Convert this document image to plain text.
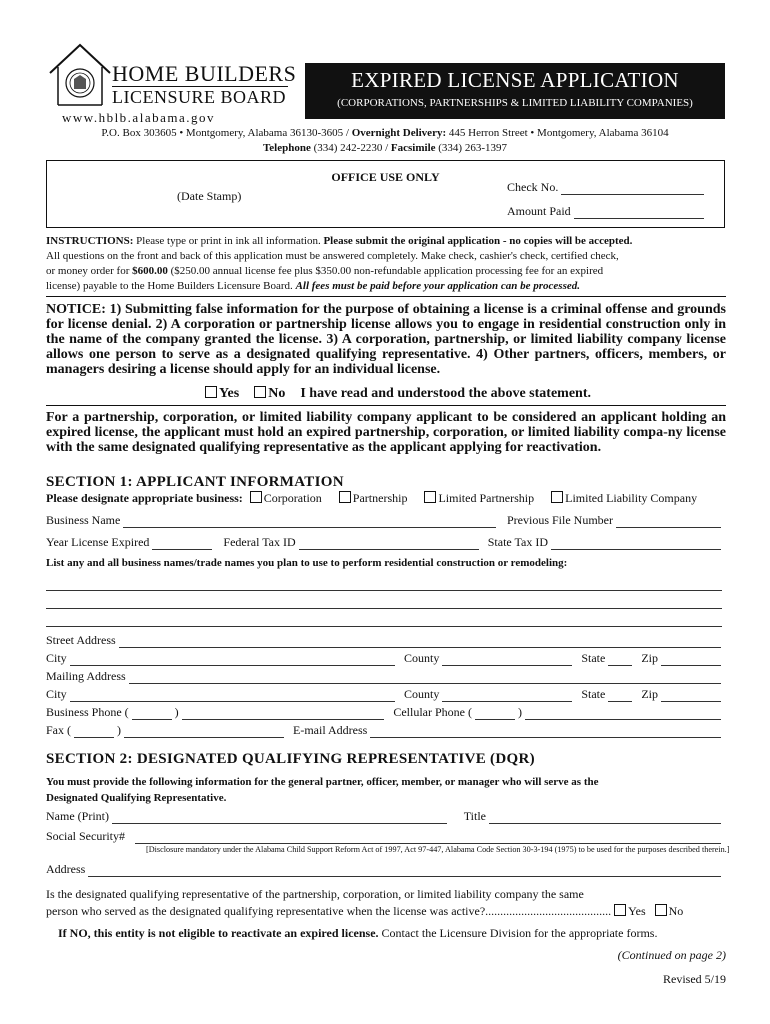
HOME BUILDERS
LICENSURE BOARD
www.hblb.alabama.gov
EXPIRED LICENSE APPLICATION
(CORPORATIONS, PARTNERSHIPS & LIMITED LIABILITY COMPANIES)
P.O. Box 303605 • Montgomery, Alabama 36130-3605 / Overnight Delivery: 445 Herron Street • Montgomery, Alabama 36104
Telephone (334) 242-2230 / Facsimile (334) 263-1397
OFFICE USE ONLY
(Date Stamp)
Check No.
Amount Paid
INSTRUCTIONS: Please type or print in ink all information. Please submit the original application - no copies will be accepted.
All questions on the front and back of this application must be answered completely. Make check, cashier's check, certified check,
or money order for $600.00 ($250.00 annual license fee plus $350.00 non-refundable application processing fee for an expired
license) payable to the Home Builders Licensure Board. All fees must be paid before your application can be processed.
NOTICE: 1) Submitting false information for the purpose of obtaining a license is a criminal offense and grounds for license denial. 2) A corporation or partnership license allows you to engage in residential construction only in the name of the company granted the license. 3) A corporation, partnership, or limited liability company license allows one person to serve as a designated qualifying representative. 4) Other partners, officers, members, or managers desiring a license should apply for an individual license.
Yes No I have read and understood the above statement.
For a partnership, corporation, or limited liability company applicant to be considered an applicant holding an expired license, the applicant must hold an expired partnership, corporation, or limited liability compa-ny license with the same designated qualifying representative as the applicant applying for reactivation.
SECTION 1: APPLICANT INFORMATION
Please designate appropriate business: Corporation	Partnership	Limited Partnership	Limited Liability Company
Business Name	Previous File Number
Year License Expired	Federal Tax ID	State Tax ID
List any and all business names/trade names you plan to use to perform residential construction or remodeling:
Street Address
City	County	State	Zip
Mailing Address
City	County	State	Zip
Business Phone (	)	Cellular Phone (	)
Fax (	)	E-mail Address
SECTION 2: DESIGNATED QUALIFYING REPRESENTATIVE (DQR)
You must provide the following information for the general partner, officer, member, or manager who will serve as the
Designated Qualifying Representative.
Name (Print)	Title
Social Security#
[Disclosure mandatory under the Alabama Child Support Reform Act of 1997, Act 97-447, Alabama Code Section 30-3-194 (1975) to be used for the purposes described therein.]
Address
Is the designated qualifying representative of the partnership, corporation, or limited liability company the same
person who served as the designated qualifying representative when the license was active?.......................................... Yes No
If NO, this entity is not eligible to reactivate an expired license. Contact the Licensure Division for the appropriate forms.
(Continued on page 2)
Revised 5/19
